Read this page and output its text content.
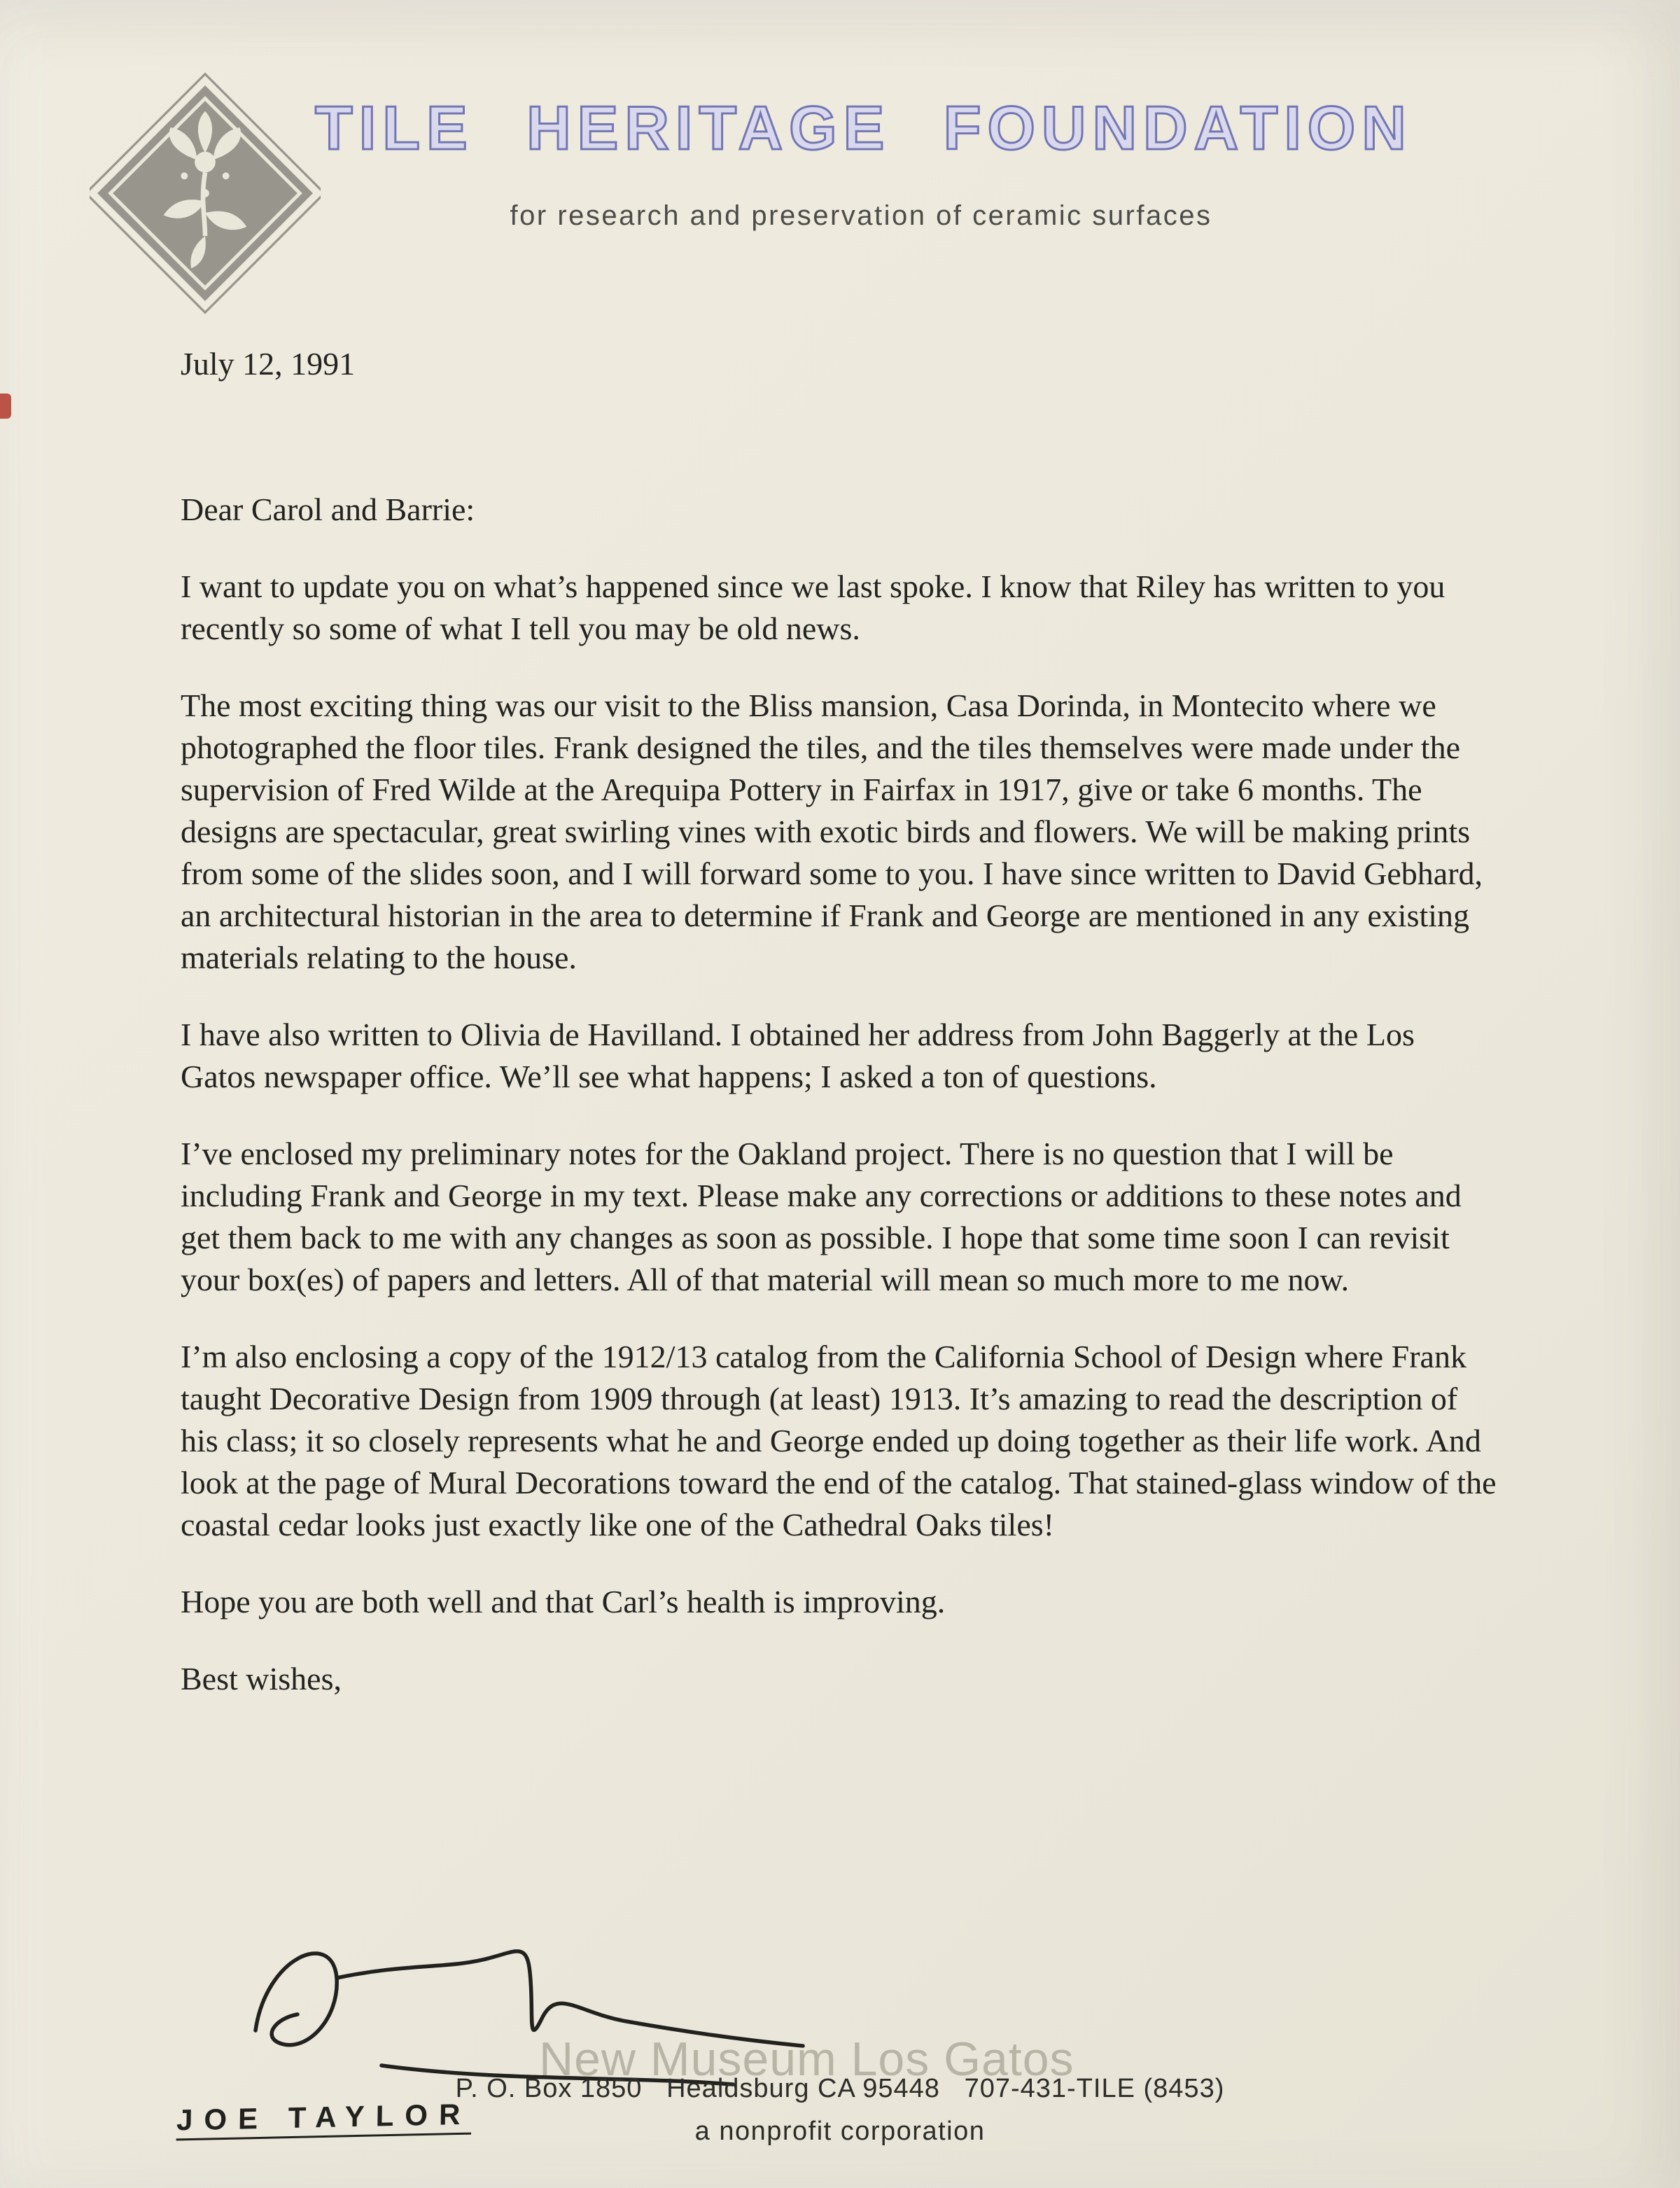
TILE HERITAGE FOUNDATION
for research and preservation of ceramic surfaces

July 12, 1991

Dear Carol and Barrie:

I want to update you on what’s happened since we last spoke. I know that Riley has written to you recently so some of what I tell you may be old news.

The most exciting thing was our visit to the Bliss mansion, Casa Dorinda, in Montecito where we photographed the floor tiles. Frank designed the tiles, and the tiles themselves were made under the supervision of Fred Wilde at the Arequipa Pottery in Fairfax in 1917, give or take 6 months. The designs are spectacular, great swirling vines with exotic birds and flowers. We will be making prints from some of the slides soon, and I will forward some to you. I have since written to David Gebhard, an architectural historian in the area to determine if Frank and George are mentioned in any existing materials relating to the house.

I have also written to Olivia de Havilland. I obtained her address from John Baggerly at the Los Gatos newspaper office. We’ll see what happens; I asked a ton of questions.

I’ve enclosed my preliminary notes for the Oakland project. There is no question that I will be including Frank and George in my text. Please make any corrections or additions to these notes and get them back to me with any changes as soon as possible. I hope that some time soon I can revisit your box(es) of papers and letters. All of that material will mean so much more to me now.

I’m also enclosing a copy of the 1912/13 catalog from the California School of Design where Frank taught Decorative Design from 1909 through (at least) 1913. It’s amazing to read the description of his class; it so closely represents what he and George ended up doing together as their life work. And look at the page of Mural Decorations toward the end of the catalog. That stained-glass window of the coastal cedar looks just exactly like one of the Cathedral Oaks tiles!

Hope you are both well and that Carl’s health is improving.

Best wishes,

JOE TAYLOR
New Museum Los Gatos
P. O. Box 1850   Healdsburg CA 95448   707-431-TILE (8453)
a nonprofit corporation
